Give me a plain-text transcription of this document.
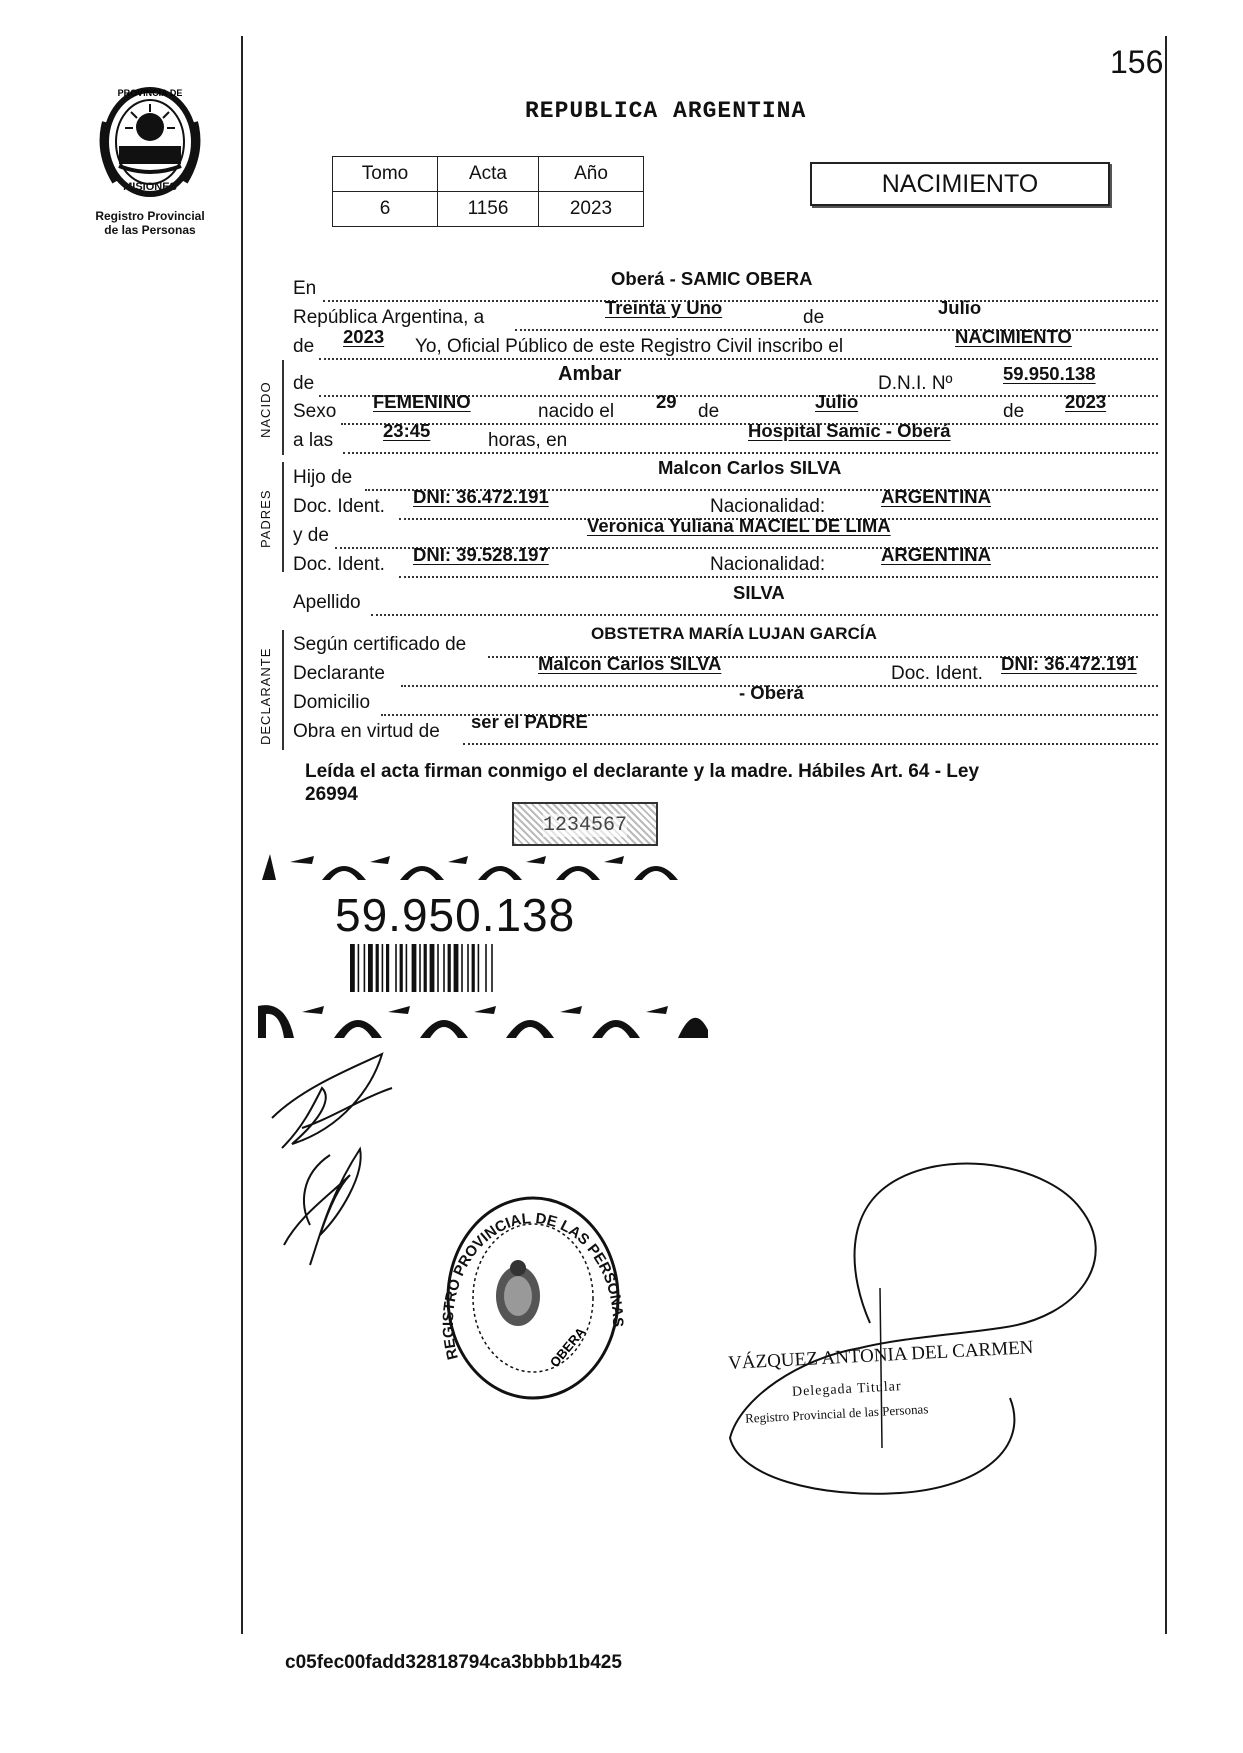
PROVINCIA DE
MISIONES
Registro Provincial
de las Personas
156
REPUBLICA ARGENTINA
Tomo	Acta	Año
6	1156	2023
NACIMIENTO
NACIDO
PADRES
DECLARANTE
En	Oberá - SAMIC OBERA
República Argentina, a	Treinta y Uno	de	Julio
de 2023 Yo, Oficial Público de este Registro Civil inscribo el	NACIMIENTO
de	Ambar	D.N.I. Nº	59.950.138
Sexo FEMENINO	nacido el 29 de	Julio	de 2023
a las	23:45	horas, en	Hospital Samic - Oberá
Hijo de	Malcon Carlos SILVA
Doc. Ident. DNI: 36.472.191	Nacionalidad:	ARGENTINA
y de	Veronica Yuliana MACIEL DE LIMA
Doc. Ident. DNI: 39.528.197	Nacionalidad:	ARGENTINA
Apellido	SILVA
Según certificado de
OBSTETRA MARÍA LUJAN GARCÍA
Declarante	Malcon Carlos SILVA	Doc. Ident. DNI: 36.472.191
Domicilio	- Oberá
Obra en virtud de ser el PADRE
Leída el acta firman conmigo el declarante y la madre. Hábiles Art. 64 - Ley
26994
1234567
59.950.138
REGISTRO PROVINCIAL DE LAS PERSONAS
OBERA	VÁZQUEZ ANTONIA DEL CARMEN
Delegada Titular
Registro Provincial de las Personas
c05fec00fadd32818794ca3bbbb1b425
